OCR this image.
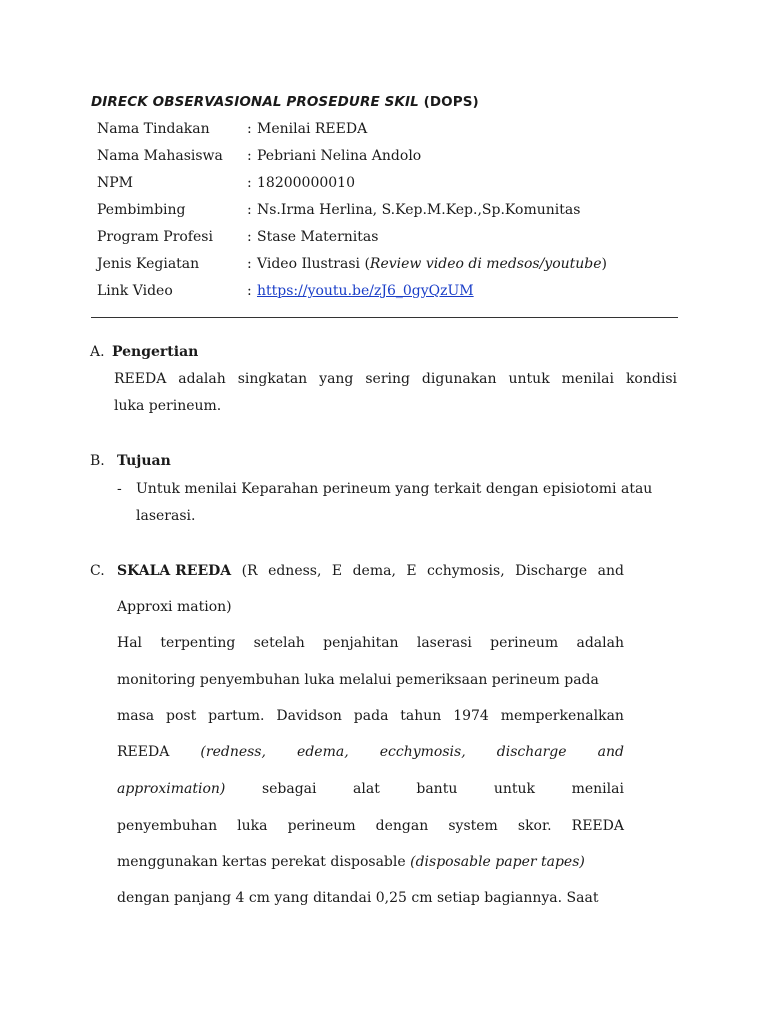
DIRECK OBSERVASIONAL PROSEDURE SKIL (DOPS)
Nama Tindakan	: Menilai REEDA
Nama Mahasiswa : Pebriani Nelina Andolo
NPM	: 18200000010
Pembimbing	: Ns.Irma Herlina, S.Kep.M.Kep.,Sp.Komunitas
Program Profesi : Stase Maternitas
Jenis Kegiatan	: Video Ilustrasi (Review video di medsos/youtube)
Link Video	: https://youtu.be/zJ6_0gyQzUM
A. Pengertian
REEDA adalah singkatan yang sering digunakan untuk menilai kondisi
luka perineum.
B. Tujuan
- Untuk menilai Keparahan perineum yang terkait dengan episiotomi atau
laserasi.
C. SKALA REEDA (R edness, E dema, E cchymosis, Discharge and
Approxi mation)
Hal terpenting setelah penjahitan laserasi perineum adalah
monitoring penyembuhan luka melalui pemeriksaan perineum pada
masa post partum. Davidson pada tahun 1974 memperkenalkan
REEDA (redness, edema, ecchymosis, discharge and
approximation)	sebagai	alat	bantu	untuk	menilai
penyembuhan luka perineum dengan system skor. REEDA
menggunakan kertas perekat disposable (disposable paper tapes)
dengan panjang 4 cm yang ditandai 0,25 cm setiap bagiannya. Saat
